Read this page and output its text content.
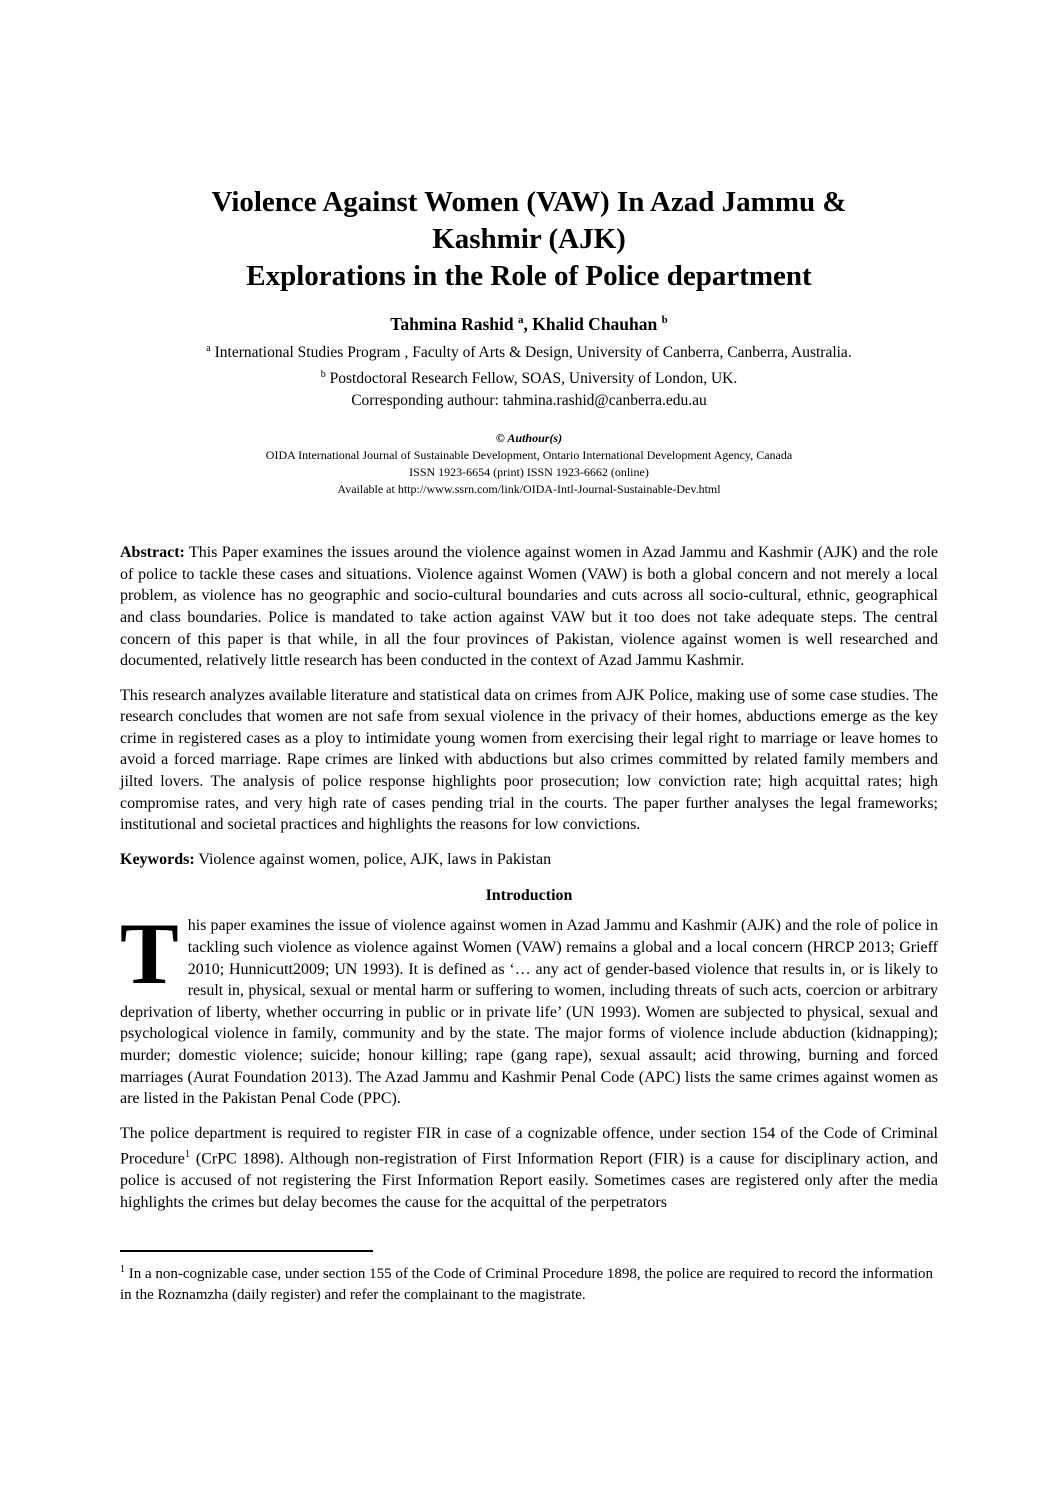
Violence Against Women (VAW) In Azad Jammu &
Kashmir (AJK)
Explorations in the Role of Police department
Tahmina Rashid $^a$, Khalid Chauhan $^b$
$^a$ International Studies Program , Faculty of Arts & Design, University of Canberra, Canberra, Australia.
$^b$ Postdoctoral Research Fellow, SOAS, University of London, UK.
Corresponding authour: tahmina.rashid@canberra.edu.au
© Authour(s)
OIDA International Journal of Sustainable Development, Ontario International Development Agency, Canada
ISSN 1923-6654 (print) ISSN 1923-6662 (online)
Available at http://www.ssrn.com/link/OIDA-Intl-Journal-Sustainable-Dev.html

Abstract: This Paper examines the issues around the violence against women in Azad Jammu and Kashmir (AJK) and the role of police to tackle these cases and situations. Violence against Women (VAW) is both a global concern and not merely a local problem, as violence has no geographic and socio-cultural boundaries and cuts across all socio-cultural, ethnic, geographical and class boundaries. Police is mandated to take action against VAW but it too does not take adequate steps. The central concern of this paper is that while, in all the four provinces of Pakistan, violence against women is well researched and documented, relatively little research has been conducted in the context of Azad Jammu Kashmir.

This research analyzes available literature and statistical data on crimes from AJK Police, making use of some case studies. The research concludes that women are not safe from sexual violence in the privacy of their homes, abductions emerge as the key crime in registered cases as a ploy to intimidate young women from exercising their legal right to marriage or leave homes to avoid a forced marriage. Rape crimes are linked with abductions but also crimes committed by related family members and jilted lovers. The analysis of police response highlights poor prosecution; low conviction rate; high acquittal rates; high compromise rates, and very high rate of cases pending trial in the courts. The paper further analyses the legal frameworks; institutional and societal practices and highlights the reasons for low convictions.

Keywords: Violence against women, police, AJK, laws in Pakistan

Introduction

This paper examines the issue of violence against women in Azad Jammu and Kashmir (AJK) and the role of police in tackling such violence as violence against Women (VAW) remains a global and a local concern (HRCP 2013; Grieff 2010; Hunnicutt2009; UN 1993). It is defined as ‘… any act of gender-based violence that results in, or is likely to result in, physical, sexual or mental harm or suffering to women, including threats of such acts, coercion or arbitrary deprivation of liberty, whether occurring in public or in private life’ (UN 1993). Women are subjected to physical, sexual and psychological violence in family, community and by the state. The major forms of violence include abduction (kidnapping); murder; domestic violence; suicide; honour killing; rape (gang rape), sexual assault; acid throwing, burning and forced marriages (Aurat Foundation 2013). The Azad Jammu and Kashmir Penal Code (APC) lists the same crimes against women as are listed in the Pakistan Penal Code (PPC).

The police department is required to register FIR in case of a cognizable offence, under section 154 of the Code of Criminal Procedure$^1$ (CrPC 1898). Although non-registration of First Information Report (FIR) is a cause for disciplinary action, and police is accused of not registering the First Information Report easily. Sometimes cases are registered only after the media highlights the crimes but delay becomes the cause for the acquittal of the perpetrators

$^1$ In a non-cognizable case, under section 155 of the Code of Criminal Procedure 1898, the police are required to record the information in the Roznamzha (daily register) and refer the complainant to the magistrate.
